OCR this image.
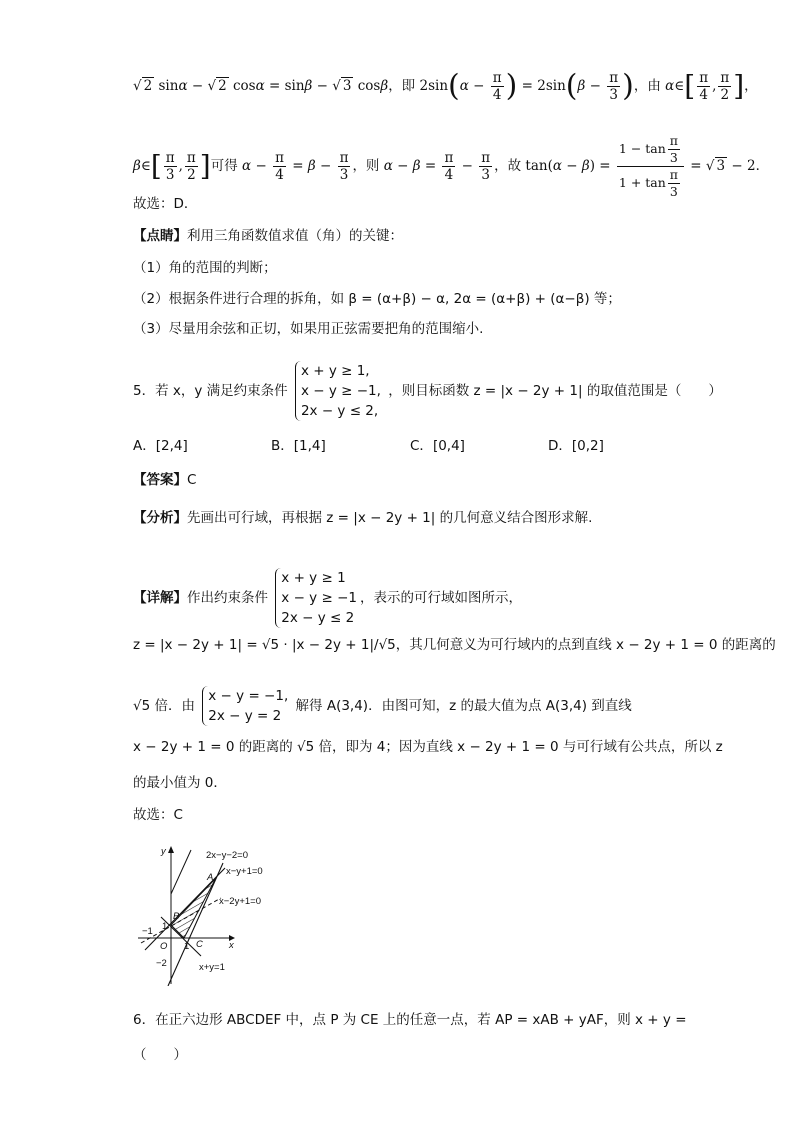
√ 2 sinα − √ 2 cosα = sinβ − √ 3 cosβ，即 $2\sin(\alpha - \frac{\pi}{4}$ ) = $2\sin(\beta - \frac{\pi}{3}$ )，由 α∈[ $\frac{\pi}{4}$ , $\frac{\pi}{2}$ ]，
β∈[ $\frac{\pi}{3}$ , $\frac{\pi}{2}$ ]可得 $\alpha - \frac{\pi}{4} = \beta - \frac{\pi}{3}$ ，则 $\alpha - \beta = \frac{\pi}{4} - \frac{\pi}{3}$ ，故 $\tan(\alpha - \beta) = \frac{1 - \tan \frac{\pi}{3}}{1 + \tan \frac{\pi}{3}}$ = √ 3 − 2．
故选：D．
【点睛】利用三角函数值求值（角）的关键：
（1）角的范围的判断；
（2）根据条件进行合理的拆角，如 β = (α+β) − α, 2α = (α+β) + (α−β) 等；
（3）尽量用余弦和正切，如果用正弦需要把角的范围缩小.
5．若 x，y 满足约束条件
x + y ≥ 1,
x − y ≥ −1,
2x − y ≤ 2,
，则目标函数 z = |x − 2y + 1| 的取值范围是（　　）
A．[2,4]	B．[1,4]	C．[0,4]	D．[0,2]
【答案】C
【分析】先画出可行域，再根据 z = |x − 2y + 1| 的几何意义结合图形求解.
【详解】作出约束条件
x + y ≥ 1
x − y ≥ −1
2x − y ≤ 2
，表示的可行域如图所示，
z = |x − 2y + 1| = √5 · |x − 2y + 1|/√5，其几何意义为可行域内的点到直线 x − 2y + 1 = 0 的距离的
√5 倍．由
x − y = −1,
2x − y = 2
解得 A(3,4)．由图可知，z 的最大值为点 A(3,4) 到直线
x − 2y + 1 = 0 的距离的 √5 倍，即为 4；因为直线 x − 2y + 1 = 0 与可行域有公共点，所以 z
的最小值为 0．
故选：C
2x−y−2=0
x−y+1=0
x−2y+1=0
x+y=1
y
x
O
A
B
C
1
1
−1
−2
6．在正六边形 ABCDEF 中，点 P 为 CE 上的任意一点，若 AP = xAB + yAF，则 x + y =
（　　）
